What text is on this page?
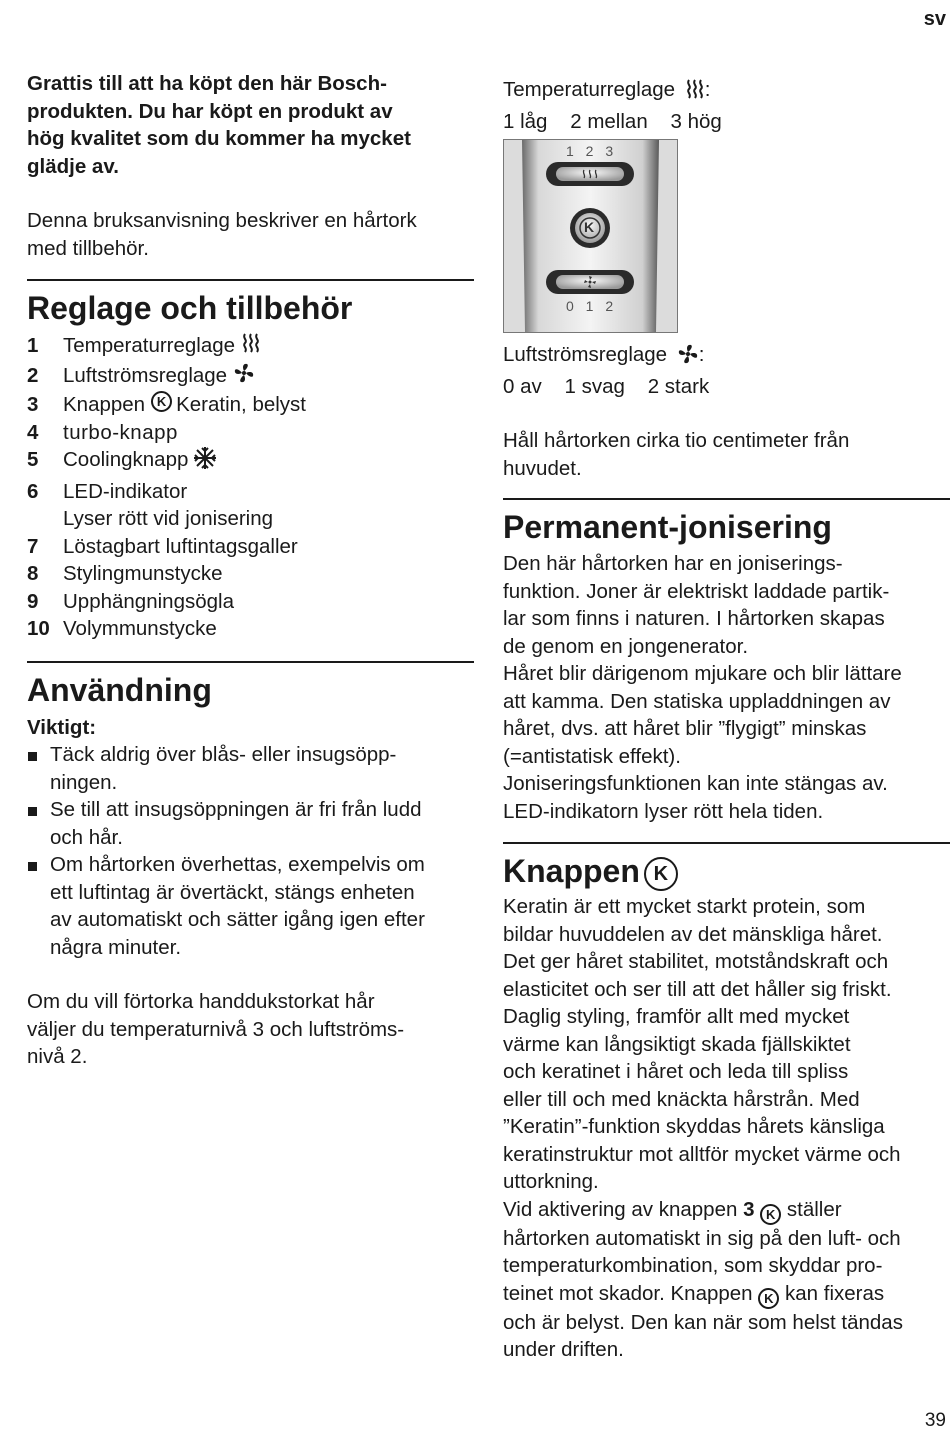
sv

Grattis till att ha köpt den här Bosch-

produkten. Du har köpt en produkt av

hög kvalitet som du kommer ha mycket

glädje av.

Denna bruksanvisning beskriver en hårtork

med tillbehör.

Reglage och tillbehör
1	Temperaturreglage
2	Luftströmsreglage
3	Knappen K Keratin, belyst
4	turbo-knapp
5	Coolingknapp
6	LED-indikator
Lyser rött vid jonisering
7	Löstagbart luftintagsgaller
8	Stylingmunstycke
9	Upphängningsögla
10 Volymmunstycke
Användning

Viktigt:

Täck aldrig över blås- eller insugsöpp-
ningen.
Se till att insugsöppningen är fri från ludd
och hår.
Om hårtorken överhettas, exempelvis om
ett luftintag är övertäckt, stängs enheten
av automatiskt och sätter igång igen efter
några minuter.

Om du vill förtorka handdukstorkat hår

väljer du temperaturnivå 3 och luftströms-

nivå 2.

Temperaturreglage :

1 låg    2 mellan    3 hög

1 2 3
K
0 1 2

Luftströmsreglage :

0 av    1 svag    2 stark

Håll hårtorken cirka tio centimeter från

huvudet.

Permanent-jonisering

Den här hårtorken har en joniserings-

funktion. Joner är elektriskt laddade partik-

lar som finns i naturen. I hårtorken skapas

de genom en jongenerator.

Håret blir därigenom mjukare och blir lättare

att kamma. Den statiska uppladdningen av

håret, dvs. att håret blir ”flygigt” minskas

(=antistatisk effekt).

Joniseringsfunktionen kan inte stängas av.

LED-indikatorn lyser rött hela tiden.

Knappen K

Keratin är ett mycket starkt protein, som

bildar huvuddelen av det mänskliga håret.

Det ger håret stabilitet, motståndskraft och

elasticitet och ser till att det håller sig friskt.

Daglig styling, framför allt med mycket

värme kan långsiktigt skada fjällskiktet

och keratinet i håret och leda till spliss

eller till och med knäckta hårstrån. Med

”Keratin”-funktion skyddas hårets känsliga

keratinstruktur mot alltför mycket värme och

uttorkning.

Vid aktivering av knappen 3 K ställer

hårtorken automatiskt in sig på den luft- och

temperaturkombination, som skyddar pro-

teinet mot skador. Knappen K kan fixeras

och är belyst. Den kan när som helst tändas

under driften.

39
